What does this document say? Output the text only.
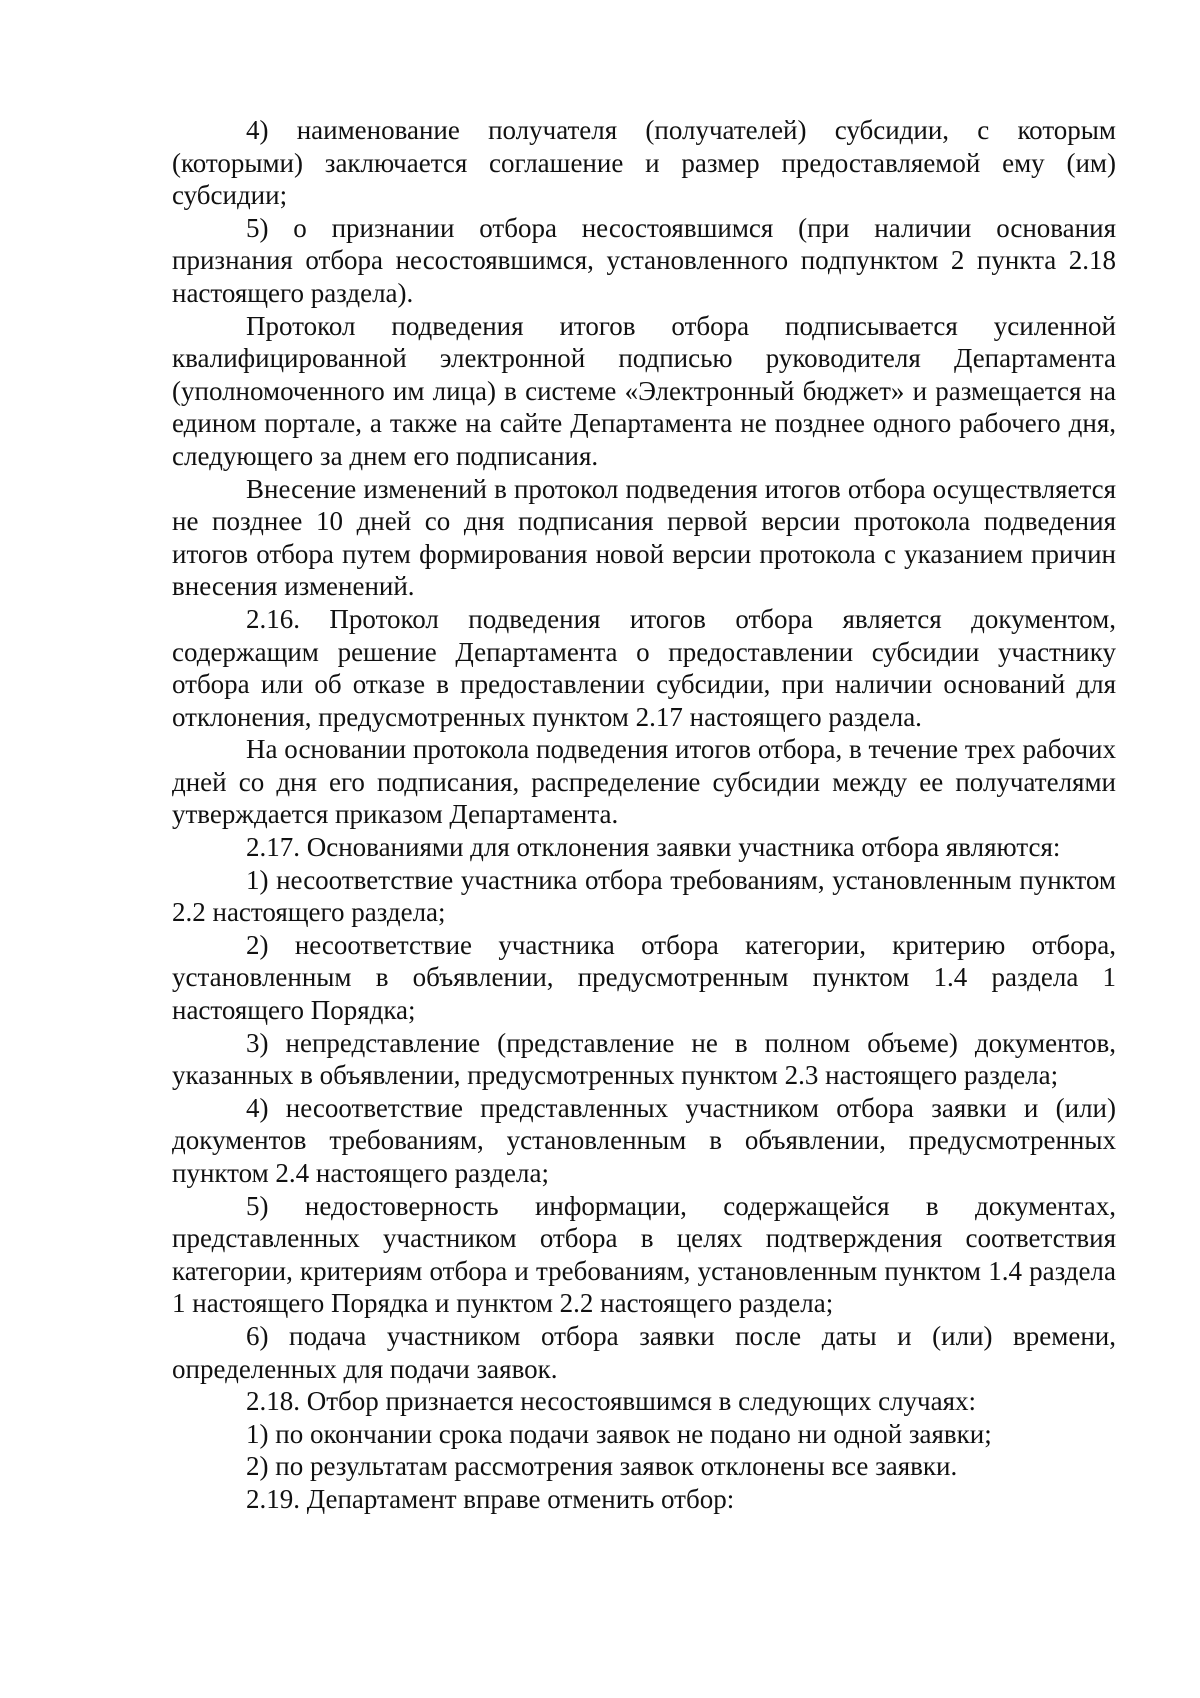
4) наименование получателя (получателей) субсидии, с которым (которыми) заключается соглашение и размер предоставляемой ему (им) субсидии;

5) о признании отбора несостоявшимся (при наличии основания признания отбора несостоявшимся, установленного подпунктом 2 пункта 2.18 настоящего раздела).

Протокол подведения итогов отбора подписывается усиленной квалифицированной электронной подписью руководителя Департамента (уполномоченного им лица) в системе «Электронный бюджет» и размещается на едином портале, а также на сайте Департамента не позднее одного рабочего дня, следующего за днем его подписания.

Внесение изменений в протокол подведения итогов отбора осуществляется не позднее 10 дней со дня подписания первой версии протокола подведения итогов отбора путем формирования новой версии протокола с указанием причин внесения изменений.

2.16. Протокол подведения итогов отбора является документом, содержащим решение Департамента о предоставлении субсидии участнику отбора или об отказе в предоставлении субсидии, при наличии оснований для отклонения, предусмотренных пунктом 2.17 настоящего раздела.

На основании протокола подведения итогов отбора, в течение трех рабочих дней со дня его подписания, распределение субсидии между ее получателями утверждается приказом Департамента.

2.17. Основаниями для отклонения заявки участника отбора являются:

1) несоответствие участника отбора требованиям, установленным пунктом 2.2 настоящего раздела;

2) несоответствие участника отбора категории, критерию отбора, установленным в объявлении, предусмотренным пунктом 1.4 раздела 1 настоящего Порядка;

3) непредставление (представление не в полном объеме) документов, указанных в объявлении, предусмотренных пунктом 2.3 настоящего раздела;

4) несоответствие представленных участником отбора заявки и (или) документов требованиям, установленным в объявлении, предусмотренных пунктом 2.4 настоящего раздела;

5) недостоверность информации, содержащейся в документах, представленных участником отбора в целях подтверждения соответствия категории, критериям отбора и требованиям, установленным пунктом 1.4 раздела 1 настоящего Порядка и пунктом 2.2 настоящего раздела;

6) подача участником отбора заявки после даты и (или) времени, определенных для подачи заявок.

2.18. Отбор признается несостоявшимся в следующих случаях:

1) по окончании срока подачи заявок не подано ни одной заявки;

2) по результатам рассмотрения заявок отклонены все заявки.

2.19. Департамент вправе отменить отбор:
